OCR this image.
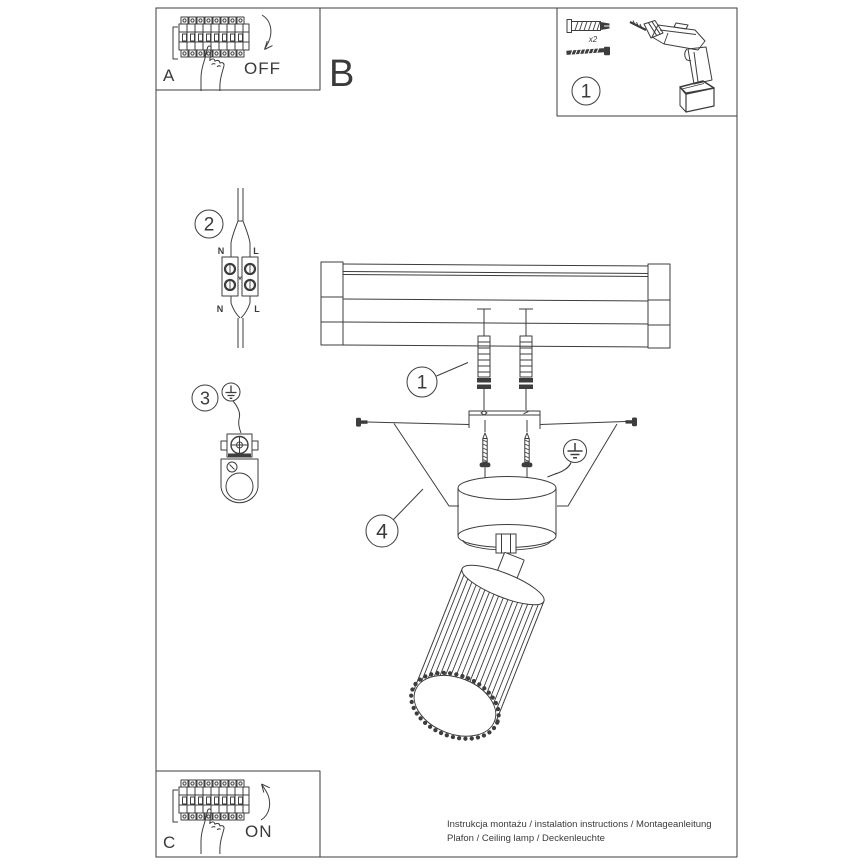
A	OFF B
x2
1
2
N	L
N	L
3
1
4
C
ON	Instrukcja montażu / instalation instructions / Montageanleitung
Plafon / Ceiling lamp / Deckenleuchte
